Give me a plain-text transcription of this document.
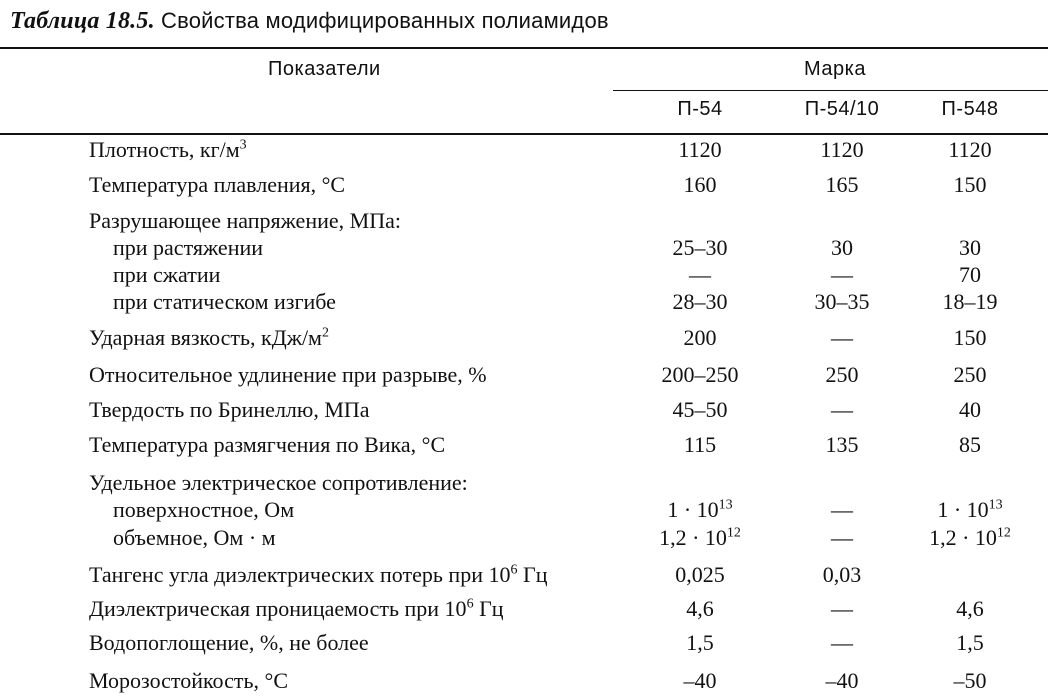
Таблица 18.5. Свойства модифицированных полиамидов
Показатели	Марка
П-54	П-54/10	П-548
Плотность, $кг/м^3$	1120	1120	1120
Температура плавления, °С	160	165	150
Разрушающее напряжение, МПа:
при растяжении	25–30	30	30
при сжатии	—	—	70
при статическом изгибе	28–30	30–35	18–19
Ударная вязкость, кДж/$м^2$	200	—	150
Относительное удлинение при разрыве, %	200–250	250	250
Твердость по Бринеллю, МПа	45–50	—	40
Температура размягчения по Вика, °С	115	135	85
Удельное электрическое сопротивление:
поверхностное, Ом	$1 \cdot 10^{13}$	—	$1 \cdot 10^{13}$
объемное, Ом · м	$1,2 \cdot 10^{12}$	—	$1,2 \cdot 10^{12}$
Тангенс угла диэлектрических потерь при $10^6$ Гц	0,025	0,03
Диэлектрическая проницаемость при $10^6$ Гц	4,6	—	4,6
Водопоглощение, %, не более	1,5	—	1,5
Морозостойкость, °С	–40	–40	–50
